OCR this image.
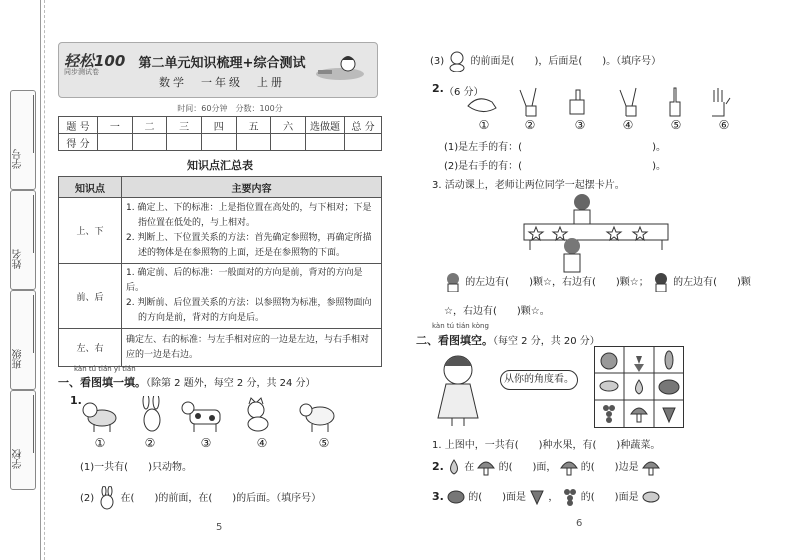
学号
姓名
班级
学校
轻松100
同步测试卷
第二单元知识梳理+综合测试
数学　一年级　上册
时间：60分钟　分数：100分
题 号	一	二	三	四	五	六	选做题	总 分
得 分								
知识点汇总表
知识点	主要内容
上、下	1. 确定上、下的标准：上是指位置在高处的，与下相对；下是
指位置在低处的，与上相对。
2. 判断上、下位置关系的方法：首先确定参照物，再确定所描
述的物体是在参照物的上面，还是在参照物的下面。

前、后	1. 确定前、后的标准：一般面对的方向是前，背对的方向是后。
2. 判断前、后位置关系的方法：以参照物为标准，参照物面向
的方向是前，背对的方向是后。

左、右	确定左、右的标准：与左手相对应的一边是左边，与右手相对
应的一边是右边。
kàn tú tián yi tián
一、看图填一填。（除第 2 题外，每空 2 分，共 24 分）
1.
①	②	③	④	⑤
(1)一共有(　　)只动物。
(2)	在(　　)的前面，在(　　)的后面。（填序号）
5
(3)	的前面是(　　)，后面是(　　)。（填序号）
2. （6 分）
①	②	③	④	⑤	⑥
(1)是左手的有：(　　　　　　　　　　　　　)。
(2)是右手的有：(　　　　　　　　　　　　　)。
3. 活动课上，老师让两位同学一起摆卡片。
的左边有(　　)颗☆，右边有(　　)颗☆； 的左边有(　　)颗
☆，右边有(　　)颗☆。
kàn tú tián kòng
二、看图填空。（每空 2 分，共 20 分）
从你的角度看。
1. 上图中，一共有(　　)种水果，有(　　)种蔬菜。
2. 在 的(　　)面， 的(　　)边是
3. 的(　　)面是 ， 的(　　)面是
6
